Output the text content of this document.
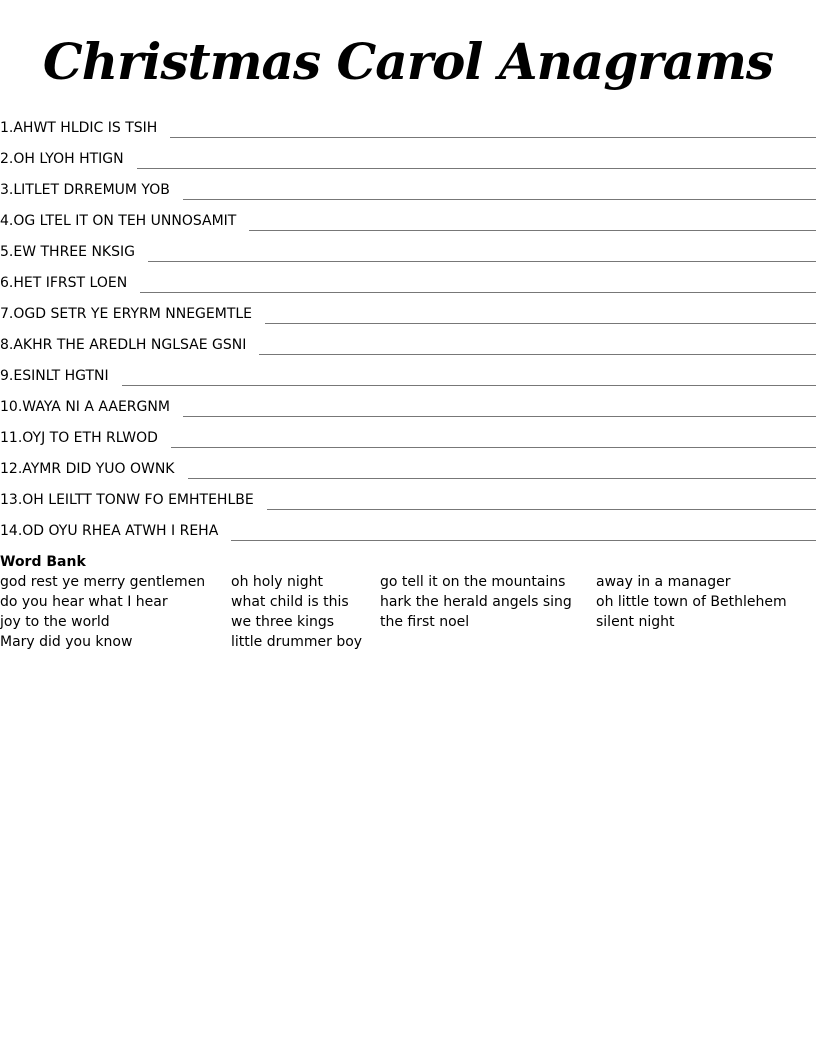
Christmas Carol Anagrams
1. AHWT HLDIC IS TSIH
2. OH LYOH HTIGN
3. LITLET DRREMUM YOB
4. OG LTEL IT ON TEH UNNOSAMIT
5. EW THREE NKSIG
6. HET IFRST LOEN
7. OGD SETR YE ERYRM NNEGEMTLE
8. AKHR THE AREDLH NGLSAE GSNI
9. ESINLT HGTNI
10. WAYA NI A AAERGNM
11. OYJ TO ETH RLWOD
12. AYMR DID YUO OWNK
13. OH LEILTT TONW FO EMHTEHLBE
14. OD OYU RHEA ATWH I REHA
Word Bank
god rest ye merry gentlemen
do you hear what I hear
joy to the world
Mary did you know
oh holy night
what child is this
we three kings
little drummer boy
go tell it on the mountains
hark the herald angels sing
the first noel
away in a manager
oh little town of Bethlehem
silent night
